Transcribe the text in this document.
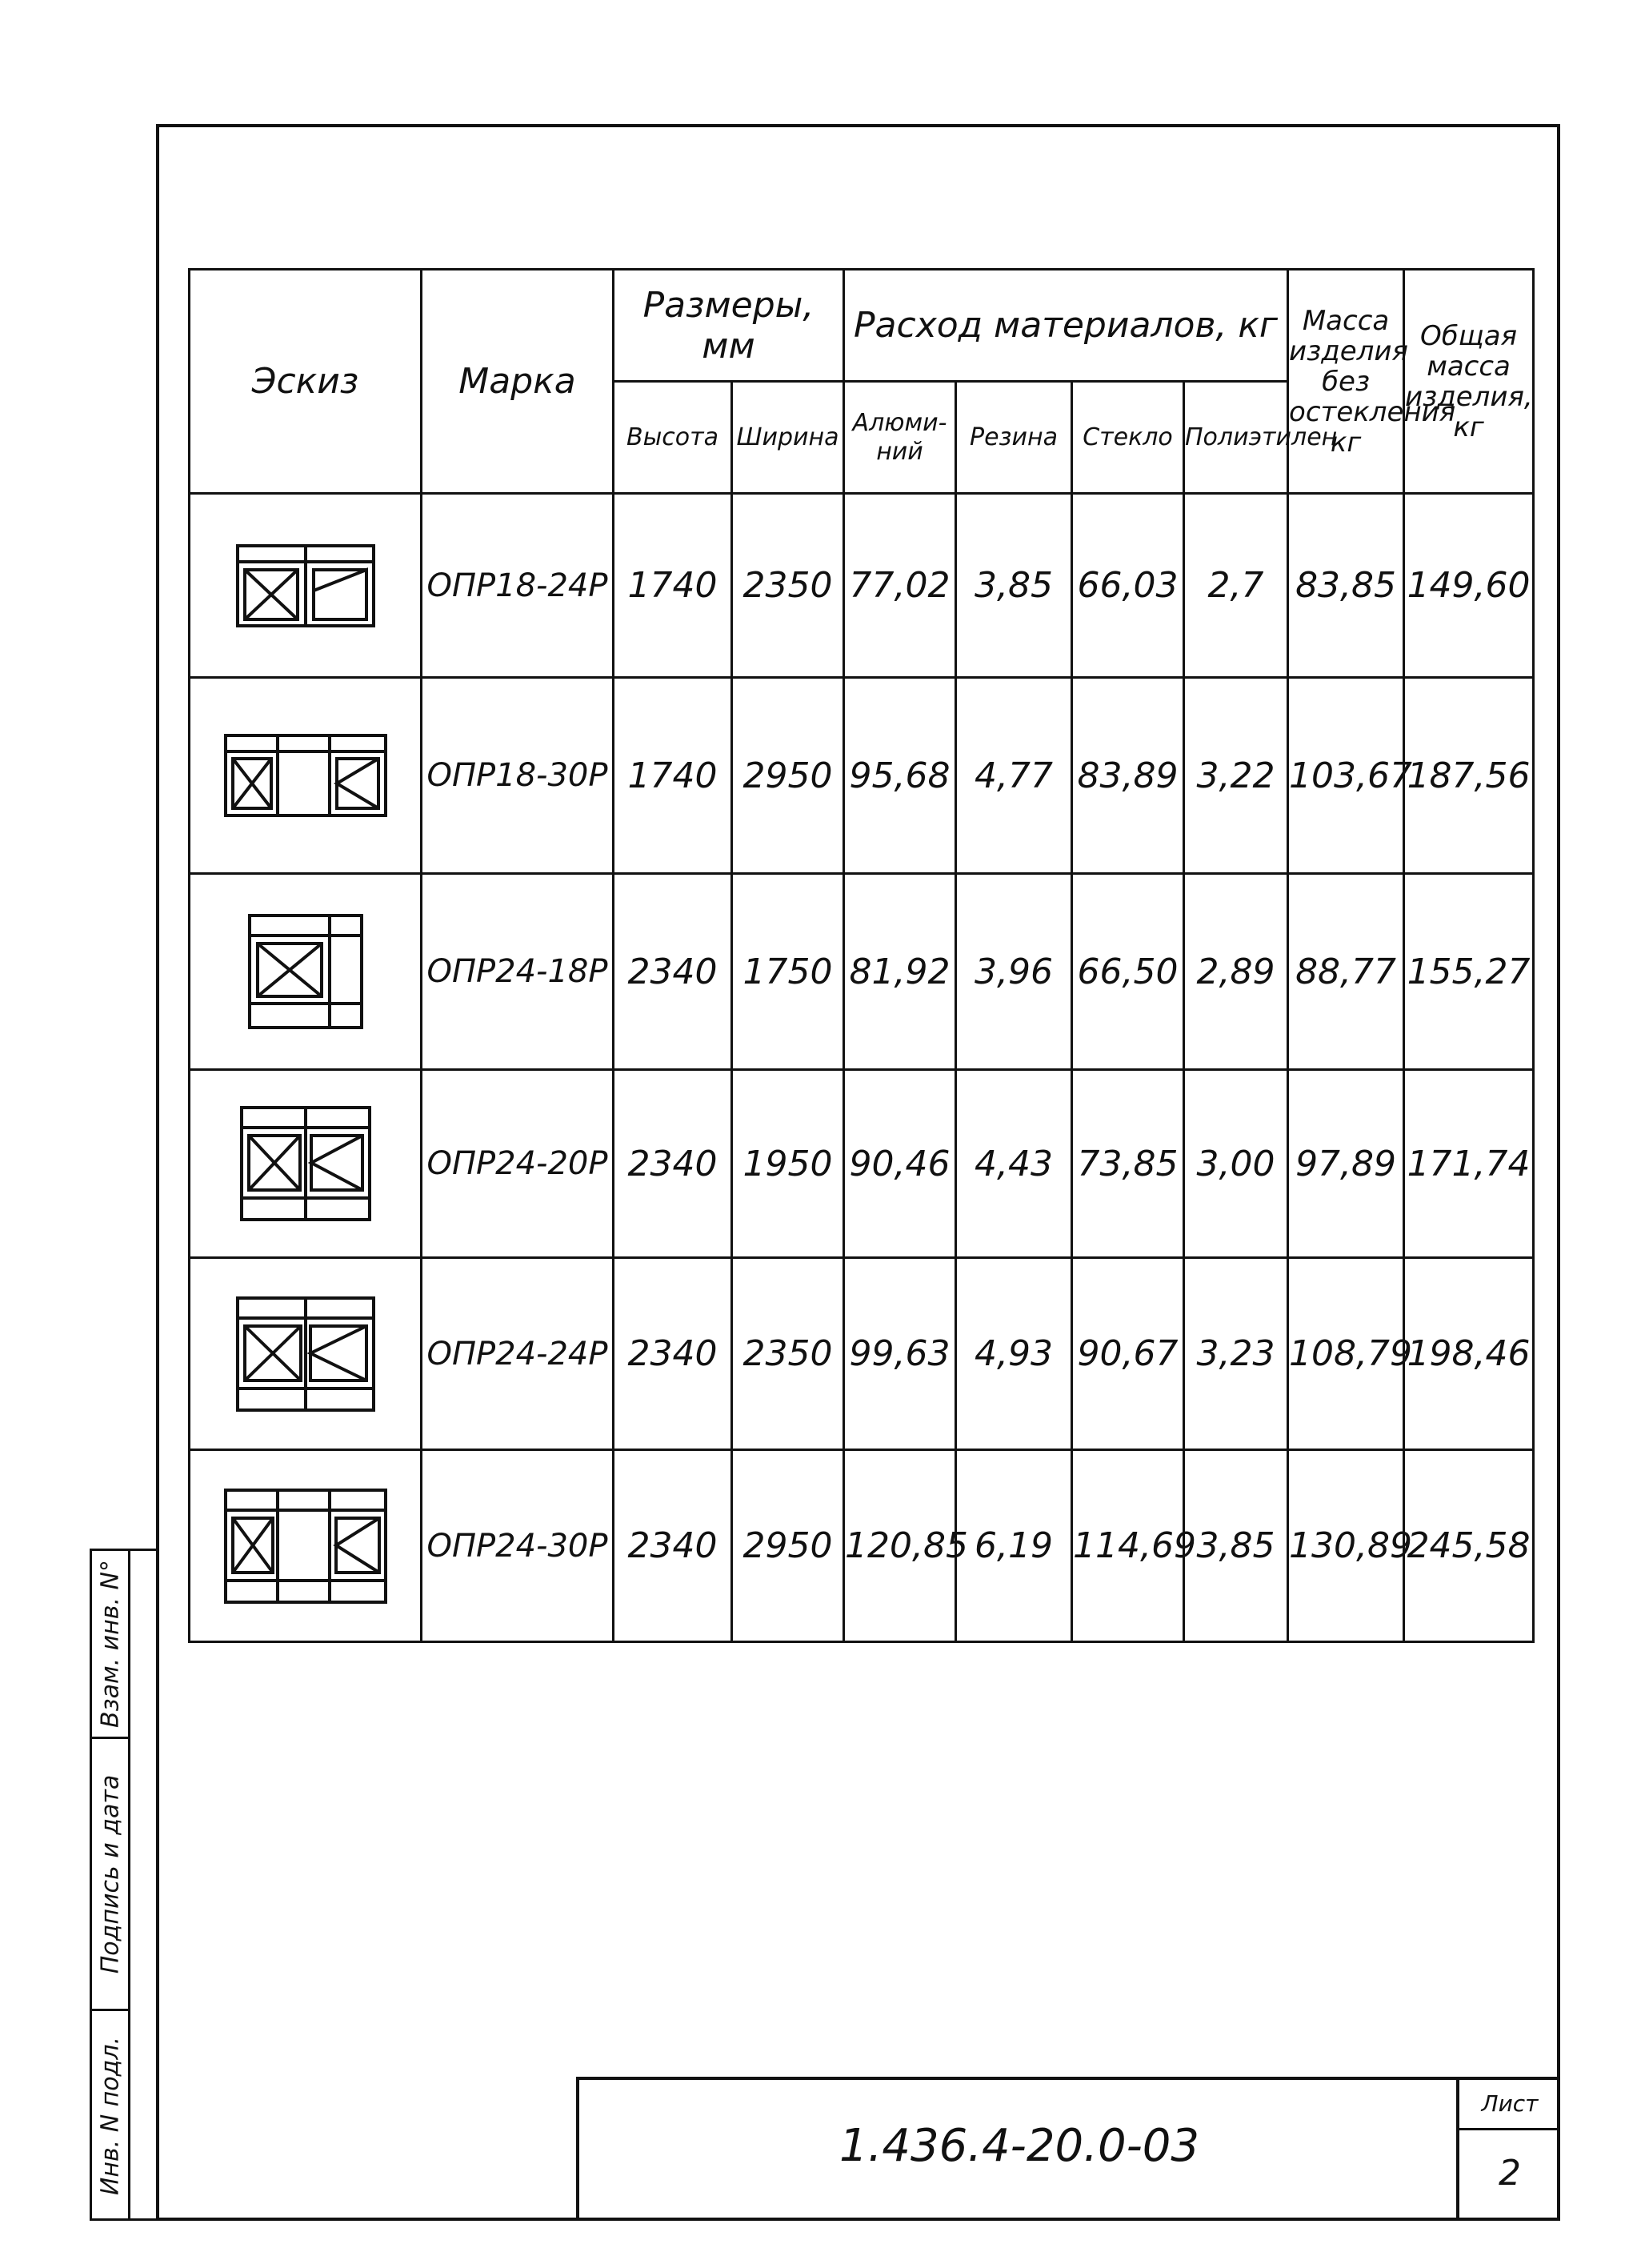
Эскиз	Марка	Размеры, мм		Расход материалов, кг				Масса изделия без остекления кг	Общая масса изделия, кг
		Высота	Ширина	Алюми-ний	Резина	Стекло	Полиэтилен		

	ОПР18-24Р	1740	2350	77,02	3,85	66,03	2,7	83,85	149,60

	ОПР18-30Р	1740	2950	95,68	4,77	83,89	3,22	103,67	187,56

	ОПР24-18Р	2340	1750	81,92	3,96	66,50	2,89	88,77	155,27

	ОПР24-20Р	2340	1950	90,46	4,43	73,85	3,00	97,89	171,74

	ОПР24-24Р	2340	2350	99,63	4,93	90,67	3,23	108,79	198,46

	ОПР24-30Р	2340	2950	120,85	6,19	114,69	3,85	130,89	245,58
Взам. инв. N°
Подпись и дата
Инв. N подл.	1.436.4-20.0-03
Лист
2
